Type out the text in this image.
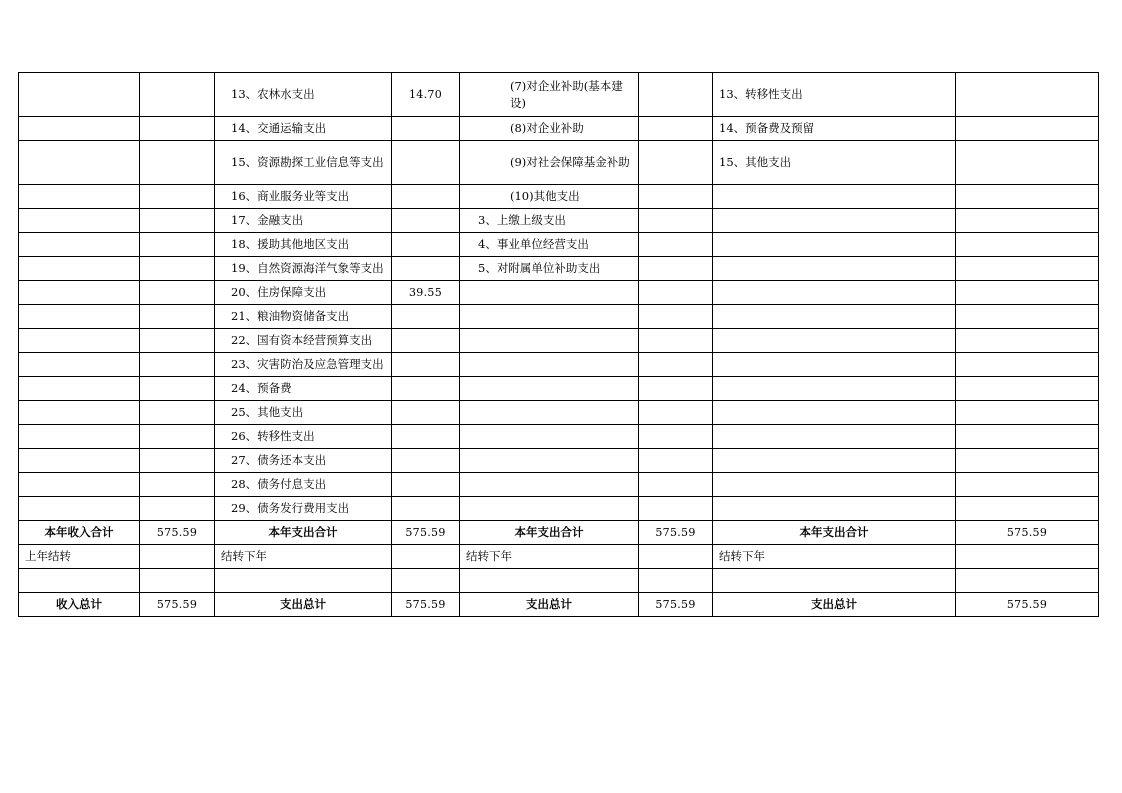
		13、农林水支出	14.70	(7)对企业补助(基本建设)		13、转移性支出	
		14、交通运输支出		(8)对企业补助		14、预备费及预留	
		15、资源勘探工业信息等支出		(9)对社会保障基金补助		15、其他支出	
		16、商业服务业等支出		(10)其他支出			
		17、金融支出		3、上缴上级支出			
		18、援助其他地区支出		4、事业单位经营支出			
		19、自然资源海洋气象等支出		5、对附属单位补助支出			
		20、住房保障支出	39.55				
		21、粮油物资储备支出					
		22、国有资本经营预算支出					
		23、灾害防治及应急管理支出					
		24、预备费					
		25、其他支出					
		26、转移性支出					
		27、债务还本支出					
		28、债务付息支出					
		29、债务发行费用支出					
本年收入合计	575.59	本年支出合计	575.59	本年支出合计	575.59	本年支出合计	575.59
上年结转		结转下年		结转下年		结转下年	

收入总计	575.59	支出总计	575.59	支出总计	575.59	支出总计	575.59
